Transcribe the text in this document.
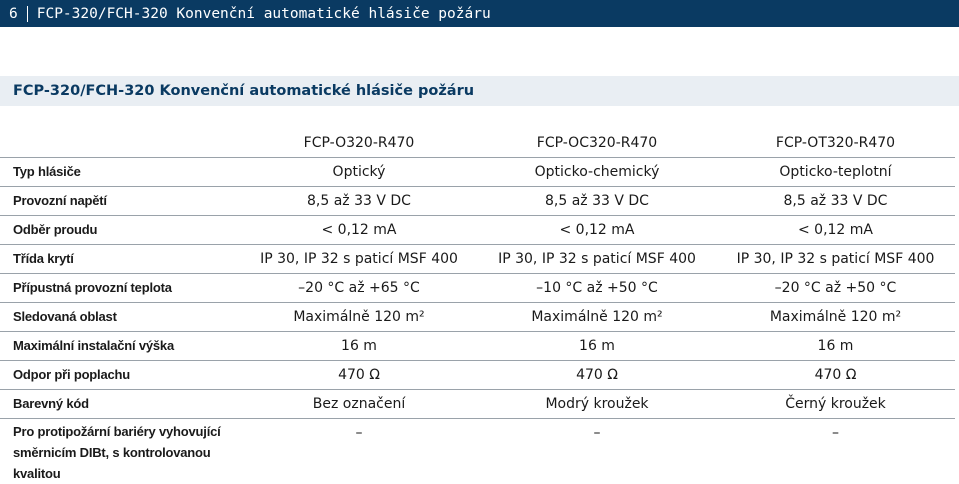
6 FCP-320/FCH-320 Konvenční automatické hlásiče požáru
FCP-320/FCH-320 Konvenční automatické hlásiče požáru
	FCP-O320-R470	FCP-OC320-R470	FCP-OT320-R470
Typ hlásiče	Optický	Opticko-chemický	Opticko-teplotní
Provozní napětí	8,5 až 33 V DC	8,5 až 33 V DC	8,5 až 33 V DC
Odběr proudu	< 0,12 mA	< 0,12 mA	< 0,12 mA
Třída krytí	IP 30, IP 32 s paticí MSF 400	IP 30, IP 32 s paticí MSF 400	IP 30, IP 32 s paticí MSF 400
Přípustná provozní teplota	–20 °C až +65 °C	–10 °C až +50 °C	–20 °C až +50 °C
Sledovaná oblast	Maximálně 120 m²	Maximálně 120 m²	Maximálně 120 m²
Maximální instalační výška	16 m	16 m	16 m
Odpor při poplachu	470 Ω	470 Ω	470 Ω
Barevný kód	Bez označení	Modrý kroužek	Černý kroužek
Pro protipožární bariéry vyhovující směrnicím DIBt, s kontrolovanou kvalitou	–	–	–
